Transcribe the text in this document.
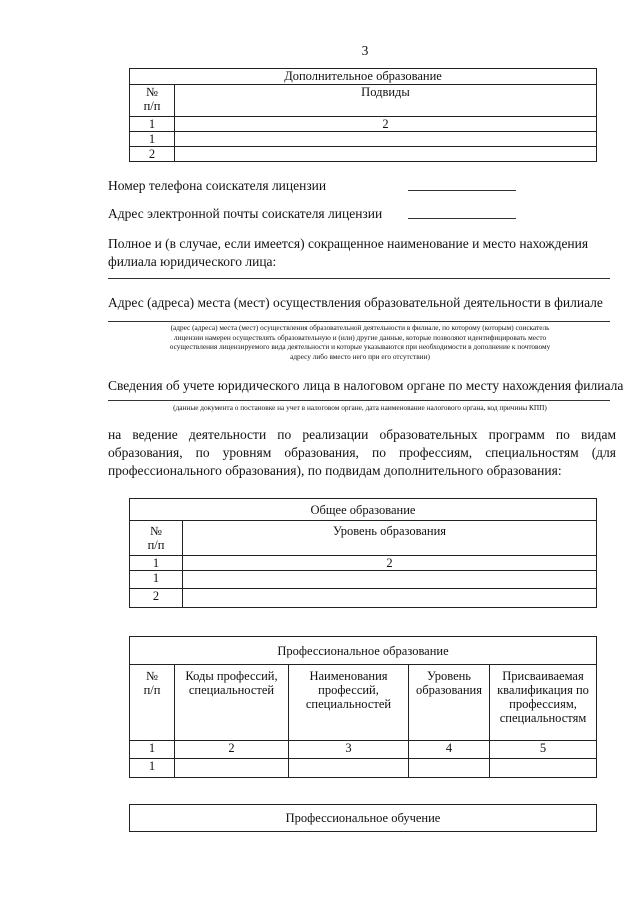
3
Дополнительное образование	
№
п/п	Подвиды
1	2
1	
2	
Номер телефона соискателя лицензии
Адрес электронной почты соискателя лицензии
Полное и (в случае, если имеется) сокращенное наименование и место нахождения филиала юридического лица:
Адрес (адреса) места (мест) осуществления образовательной деятельности в филиале
(адрес (адреса) места (мест) осуществления образовательной деятельности в филиале, по которому (которым) соискатель лицензии намерен осуществлять образовательную и (или) другие данные, которые позволяют идентифицировать место осуществления лицензируемого вида деятельности и которые указываются при необходимости в дополнение к почтовому адресу либо вместо него при его отсутствии)
Сведения об учете юридического лица в налоговом органе по месту нахождения филиала
(данные документа о постановке на учет в налоговом органе, дата наименование налогового органа, код причины КПП)
на ведение деятельности по реализации образовательных программ по видам образования, по уровням образования, по профессиям, специальностям (для профессионального образования), по подвидам дополнительного образования:
Общее образование	
№
п/п	Уровень образования
1	2
1	
2	
Профессиональное образование				
№
п/п	Коды профессий, специальностей	Наименования профессий, специальностей	Уровень образования	Присваиваемая квалификация по профессиям, специальностям
1	2	3	4	5
1				
Профессиональное обучение
